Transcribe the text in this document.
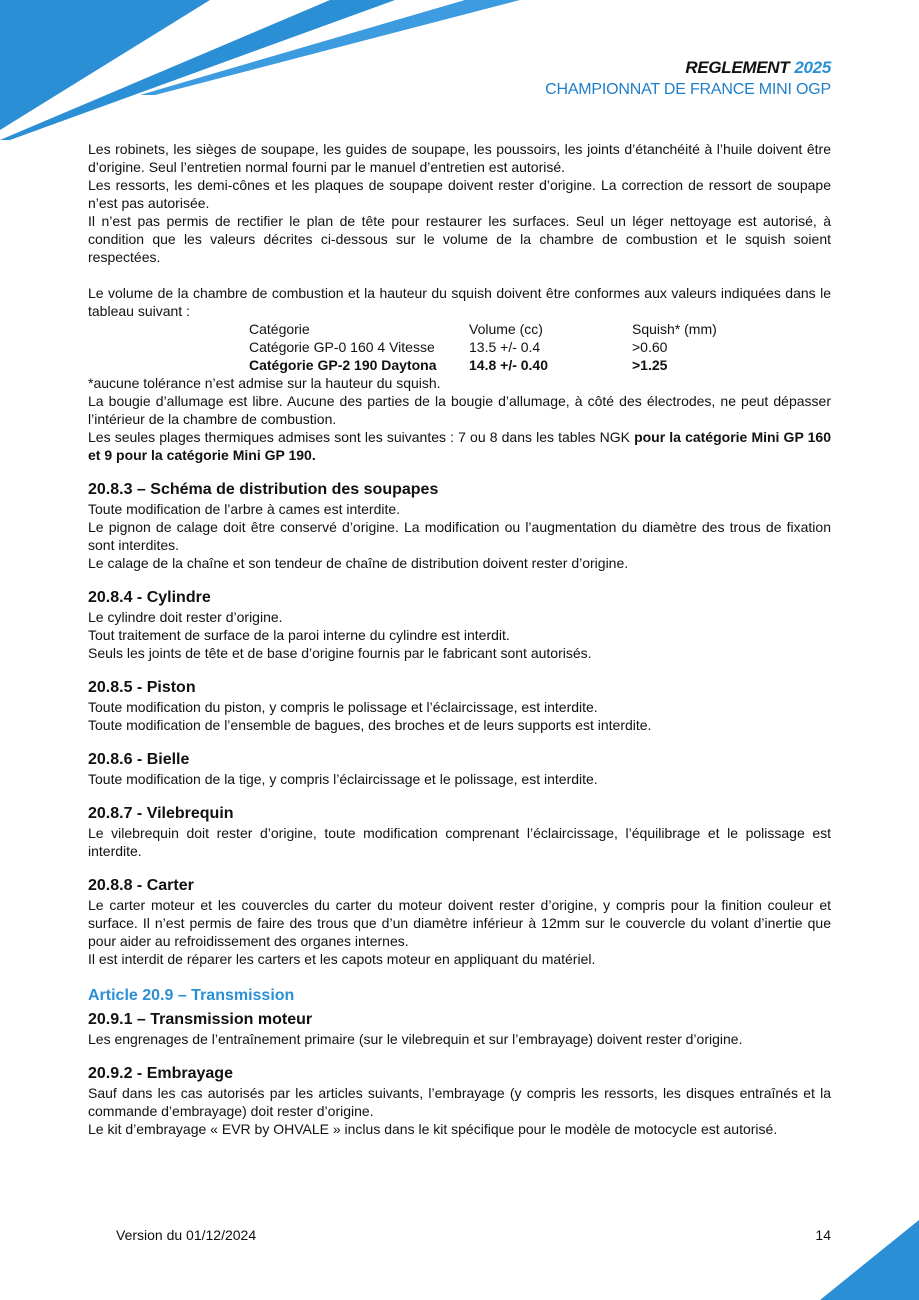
REGLEMENT 2025
CHAMPIONNAT DE FRANCE MINI OGP

Les robinets, les sièges de soupape, les guides de soupape, les poussoirs, les joints d’étanchéité à l’huile doivent être d’origine. Seul l’entretien normal fourni par le manuel d’entretien est autorisé.

Les ressorts, les demi-cônes et les plaques de soupape doivent rester d’origine. La correction de ressort de soupape n’est pas autorisée.

Il n’est pas permis de rectifier le plan de tête pour restaurer les surfaces. Seul un léger nettoyage est autorisé, à condition que les valeurs décrites ci-dessous sur le volume de la chambre de combustion et le squish soient respectées.

Le volume de la chambre de combustion et la hauteur du squish doivent être conformes aux valeurs indiquées dans le tableau suivant :

Catégorie	Volume (cc)	Squish* (mm)
Catégorie GP-0 160 4 Vitesse	13.5 +/- 0.4	>0.60
Catégorie GP-2 190 Daytona	14.8 +/- 0.40	>1.25

*aucune tolérance n’est admise sur la hauteur du squish.

La bougie d’allumage est libre. Aucune des parties de la bougie d’allumage, à côté des électrodes, ne peut dépasser l’intérieur de la chambre de combustion.

Les seules plages thermiques admises sont les suivantes : 7 ou 8 dans les tables NGK pour la catégorie Mini GP 160 et 9 pour la catégorie Mini GP 190.

20.8.3 – Schéma de distribution des soupapes

Toute modification de l’arbre à cames est interdite.

Le pignon de calage doit être conservé d’origine. La modification ou l’augmentation du diamètre des trous de fixation sont interdites.

Le calage de la chaîne et son tendeur de chaîne de distribution doivent rester d’origine.

20.8.4 - Cylindre

Le cylindre doit rester d’origine.

Tout traitement de surface de la paroi interne du cylindre est interdit.

Seuls les joints de tête et de base d’origine fournis par le fabricant sont autorisés.

20.8.5 - Piston

Toute modification du piston, y compris le polissage et l’éclaircissage, est interdite.

Toute modification de l’ensemble de bagues, des broches et de leurs supports est interdite.

20.8.6 - Bielle

Toute modification de la tige, y compris l’éclaircissage et le polissage, est interdite.

20.8.7 - Vilebrequin

Le vilebrequin doit rester d’origine, toute modification comprenant l’éclaircissage, l’équilibrage et le polissage est interdite.

20.8.8 - Carter

Le carter moteur et les couvercles du carter du moteur doivent rester d’origine, y compris pour la finition couleur et surface. Il n’est permis de faire des trous que d’un diamètre inférieur à 12mm sur le couvercle du volant d’inertie que pour aider au refroidissement des organes internes.

Il est interdit de réparer les carters et les capots moteur en appliquant du matériel.

Article 20.9 – Transmission
20.9.1 – Transmission moteur

Les engrenages de l’entraînement primaire (sur le vilebrequin et sur l’embrayage) doivent rester d’origine.

20.9.2 - Embrayage

Sauf dans les cas autorisés par les articles suivants, l’embrayage (y compris les ressorts, les disques entraînés et la commande d’embrayage) doit rester d’origine.

Le kit d’embrayage « EVR by OHVALE » inclus dans le kit spécifique pour le modèle de motocycle est autorisé.

Version du 01/12/2024	14
